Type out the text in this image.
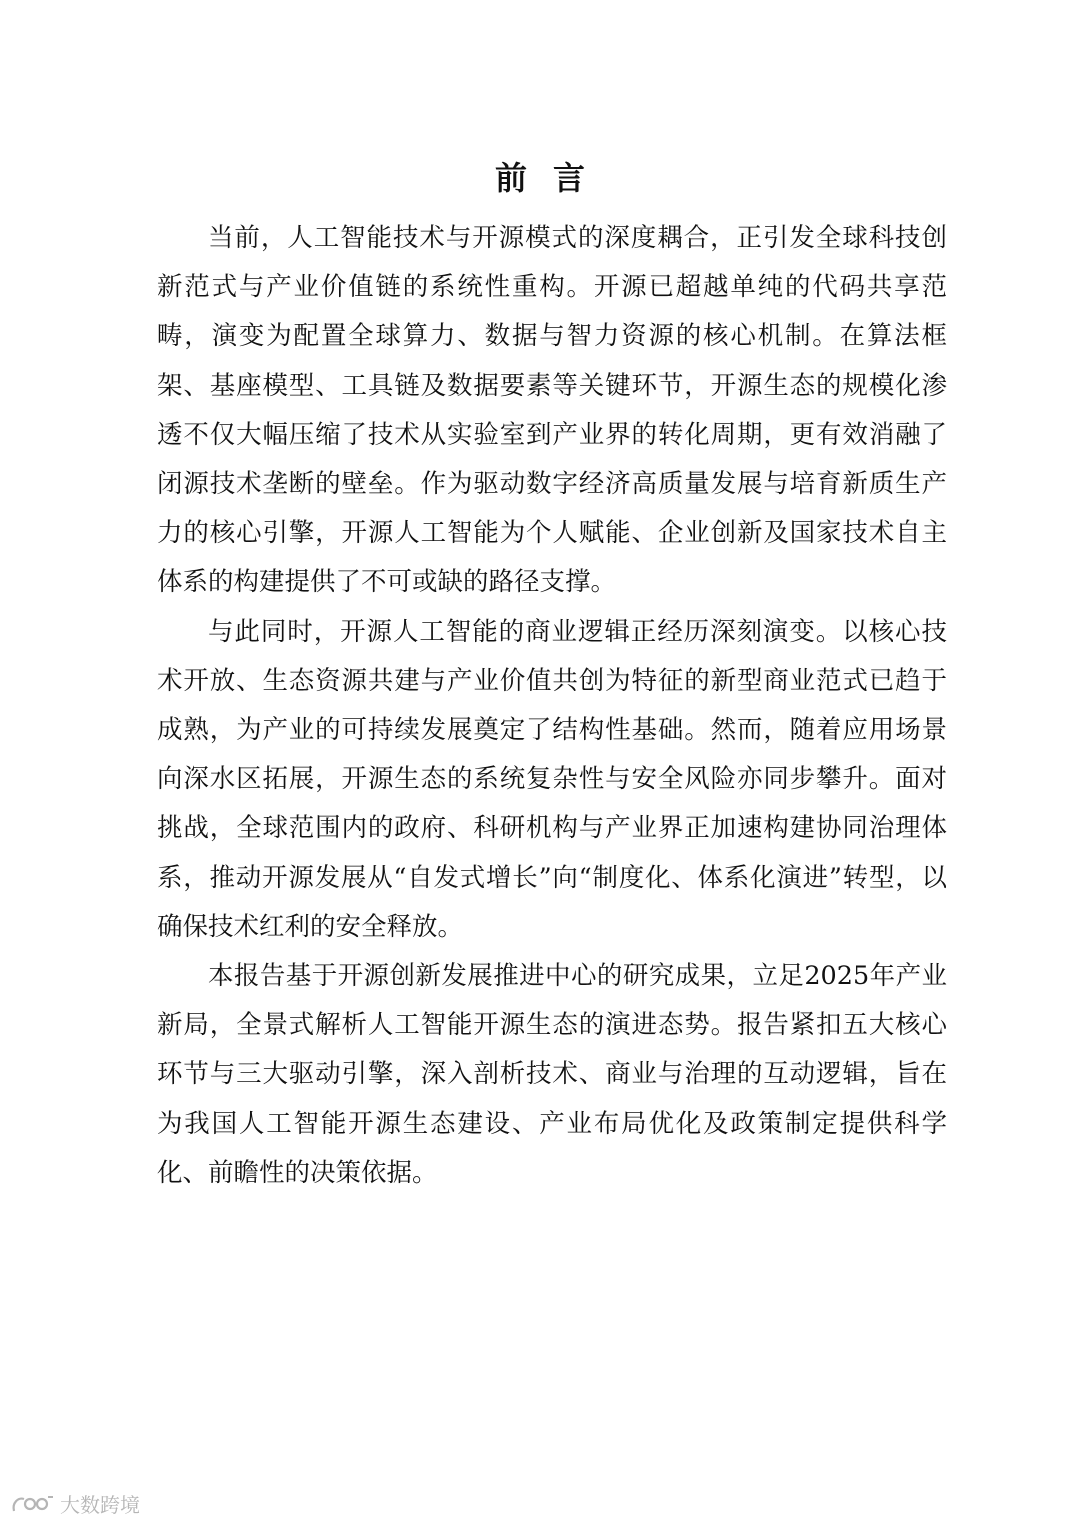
前言

当前，人工智能技术与开源模式的深度耦合，正引发全球科技创新范式与产业价值链的系统性重构。开源已超越单纯的代码共享范畴，演变为配置全球算力、数据与智力资源的核心机制。在算法框架、基座模型、工具链及数据要素等关键环节，开源生态的规模化渗透不仅大幅压缩了技术从实验室到产业界的转化周期，更有效消融了闭源技术垄断的壁垒。作为驱动数字经济高质量发展与培育新质生产力的核心引擎，开源人工智能为个人赋能、企业创新及国家技术自主体系的构建提供了不可或缺的路径支撑。

与此同时，开源人工智能的商业逻辑正经历深刻演变。以核心技术开放、生态资源共建与产业价值共创为特征的新型商业范式已趋于成熟，为产业的可持续发展奠定了结构性基础。然而，随着应用场景向深水区拓展，开源生态的系统复杂性与安全风险亦同步攀升。面对挑战，全球范围内的政府、科研机构与产业界正加速构建协同治理体系，推动开源发展从“自发式增长”向“制度化、体系化演进”转型，以确保技术红利的安全释放。

本报告基于开源创新发展推进中心的研究成果，立足2025年产业新局，全景式解析人工智能开源生态的演进态势。报告紧扣五大核心环节与三大驱动引擎，深入剖析技术、商业与治理的互动逻辑，旨在为我国人工智能开源生态建设、产业布局优化及政策制定提供科学化、前瞻性的决策依据。

大数跨境
